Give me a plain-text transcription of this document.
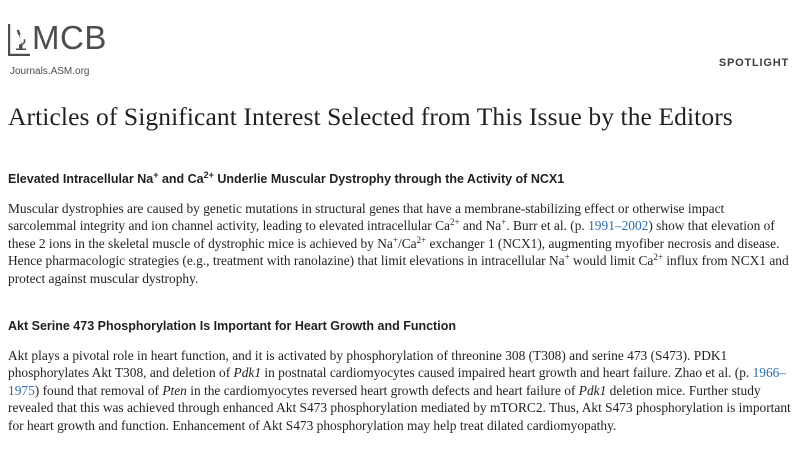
MCB
Journals.ASM.org
SPOTLIGHT
Articles of Significant Interest Selected from This Issue by the Editors
Elevated Intracellular Na+ and $Ca^{2+}$ Underlie Muscular Dystrophy through the Activity of NCX1

Muscular dystrophies are caused by genetic mutations in structural genes that have a membrane-stabilizing effect or otherwise impact sarcolemmal integrity and ion channel activity, leading to elevated intracellular $Ca^{2+}$ and Na+. Burr et al. (p. 1991–2002) show that elevation of these 2 ions in the skeletal muscle of dystrophic mice is achieved by $Na^+/Ca^{2+}$ exchanger 1 (NCX1), augmenting myofiber necrosis and disease. Hence pharmacologic strategies (e.g., treatment with ranolazine) that limit elevations in intracellular Na+ would limit $Ca^{2+}$ influx from NCX1 and protect against muscular dystrophy.

Akt Serine 473 Phosphorylation Is Important for Heart Growth and Function

Akt plays a pivotal role in heart function, and it is activated by phosphorylation of threonine 308 (T308) and serine 473 (S473). PDK1 phosphorylates Akt T308, and deletion of Pdk1 in postnatal cardiomyocytes caused impaired heart growth and heart failure. Zhao et al. (p. 1966–1975) found that removal of Pten in the cardiomyocytes reversed heart growth defects and heart failure of Pdk1 deletion mice. Further study revealed that this was achieved through enhanced Akt S473 phosphorylation mediated by mTORC2. Thus, Akt S473 phosphorylation is important for heart growth and function. Enhancement of Akt S473 phosphorylation may help treat dilated cardiomyopathy.
